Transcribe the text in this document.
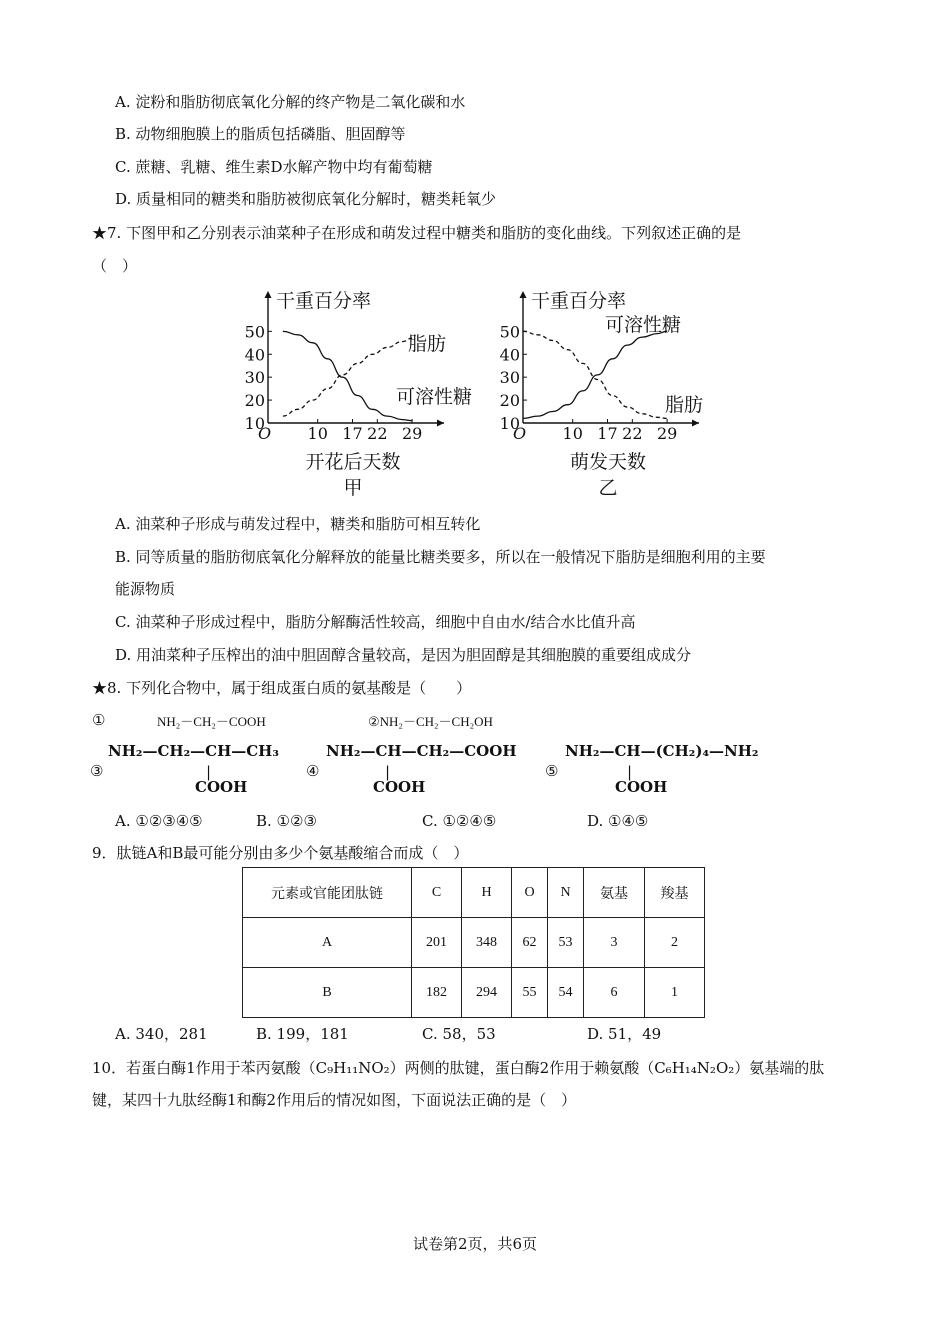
A. 淀粉和脂肪彻底氧化分解的终产物是二氧化碳和水
B. 动物细胞膜上的脂质包括磷脂、胆固醇等
C. 蔗糖、乳糖、维生素D水解产物中均有葡萄糖
D. 质量相同的糖类和脂肪被彻底氧化分解时，糖类耗氧少
★7. 下图甲和乙分别表示油菜种子在形成和萌发过程中糖类和脂肪的变化曲线。下列叙述正确的是
（　）
干重百分率
10
20
30
40
50
O 10 17 22 29
可溶性糖
脂肪
开花后天数
甲
干重百分率
10
20
30
40
50
O 10 17 22 29
可溶性糖
脂肪
萌发天数
乙
A. 油菜种子形成与萌发过程中，糖类和脂肪可相互转化
B. 同等质量的脂肪彻底氧化分解释放的能量比糖类要多，所以在一般情况下脂肪是细胞利用的主要
能源物质
C. 油菜种子形成过程中，脂肪分解酶活性较高，细胞中自由水/结合水比值升高
D. 用油菜种子压榨出的油中胆固醇含量较高，是因为胆固醇是其细胞膜的重要组成成分
★8. 下列化合物中，属于组成蛋白质的氨基酸是（　　）
①	NH₂－CH₂－COOH	②NH₂－CH₂－CH₂OH
③
NH₂—CH₂—CH—CH₃
|
COOH
④
NH₂—CH—CH₂—COOH
|
COOH
⑤
NH₂—CH—(CH₂)₄—NH₂
|
COOH
A. ①②③④⑤	B. ①②③	C. ①②④⑤	D. ①④⑤
9．肽链A和B最可能分别由多少个氨基酸缩合而成（　）
元素或官能团肽链	C	H	O	N	氨基	羧基
A	201	348	62	53	3	2
B	182	294	55	54	6	1
A. 340，281	B. 199，181	C. 58，53	D. 51，49
10．若蛋白酶1作用于苯丙氨酸（C₉H₁₁NO₂）两侧的肽键，蛋白酶2作用于赖氨酸（C₆H₁₄N₂O₂）氨基端的肽
键，某四十九肽经酶1和酶2作用后的情况如图，下面说法正确的是（　）
试卷第2页，共6页
